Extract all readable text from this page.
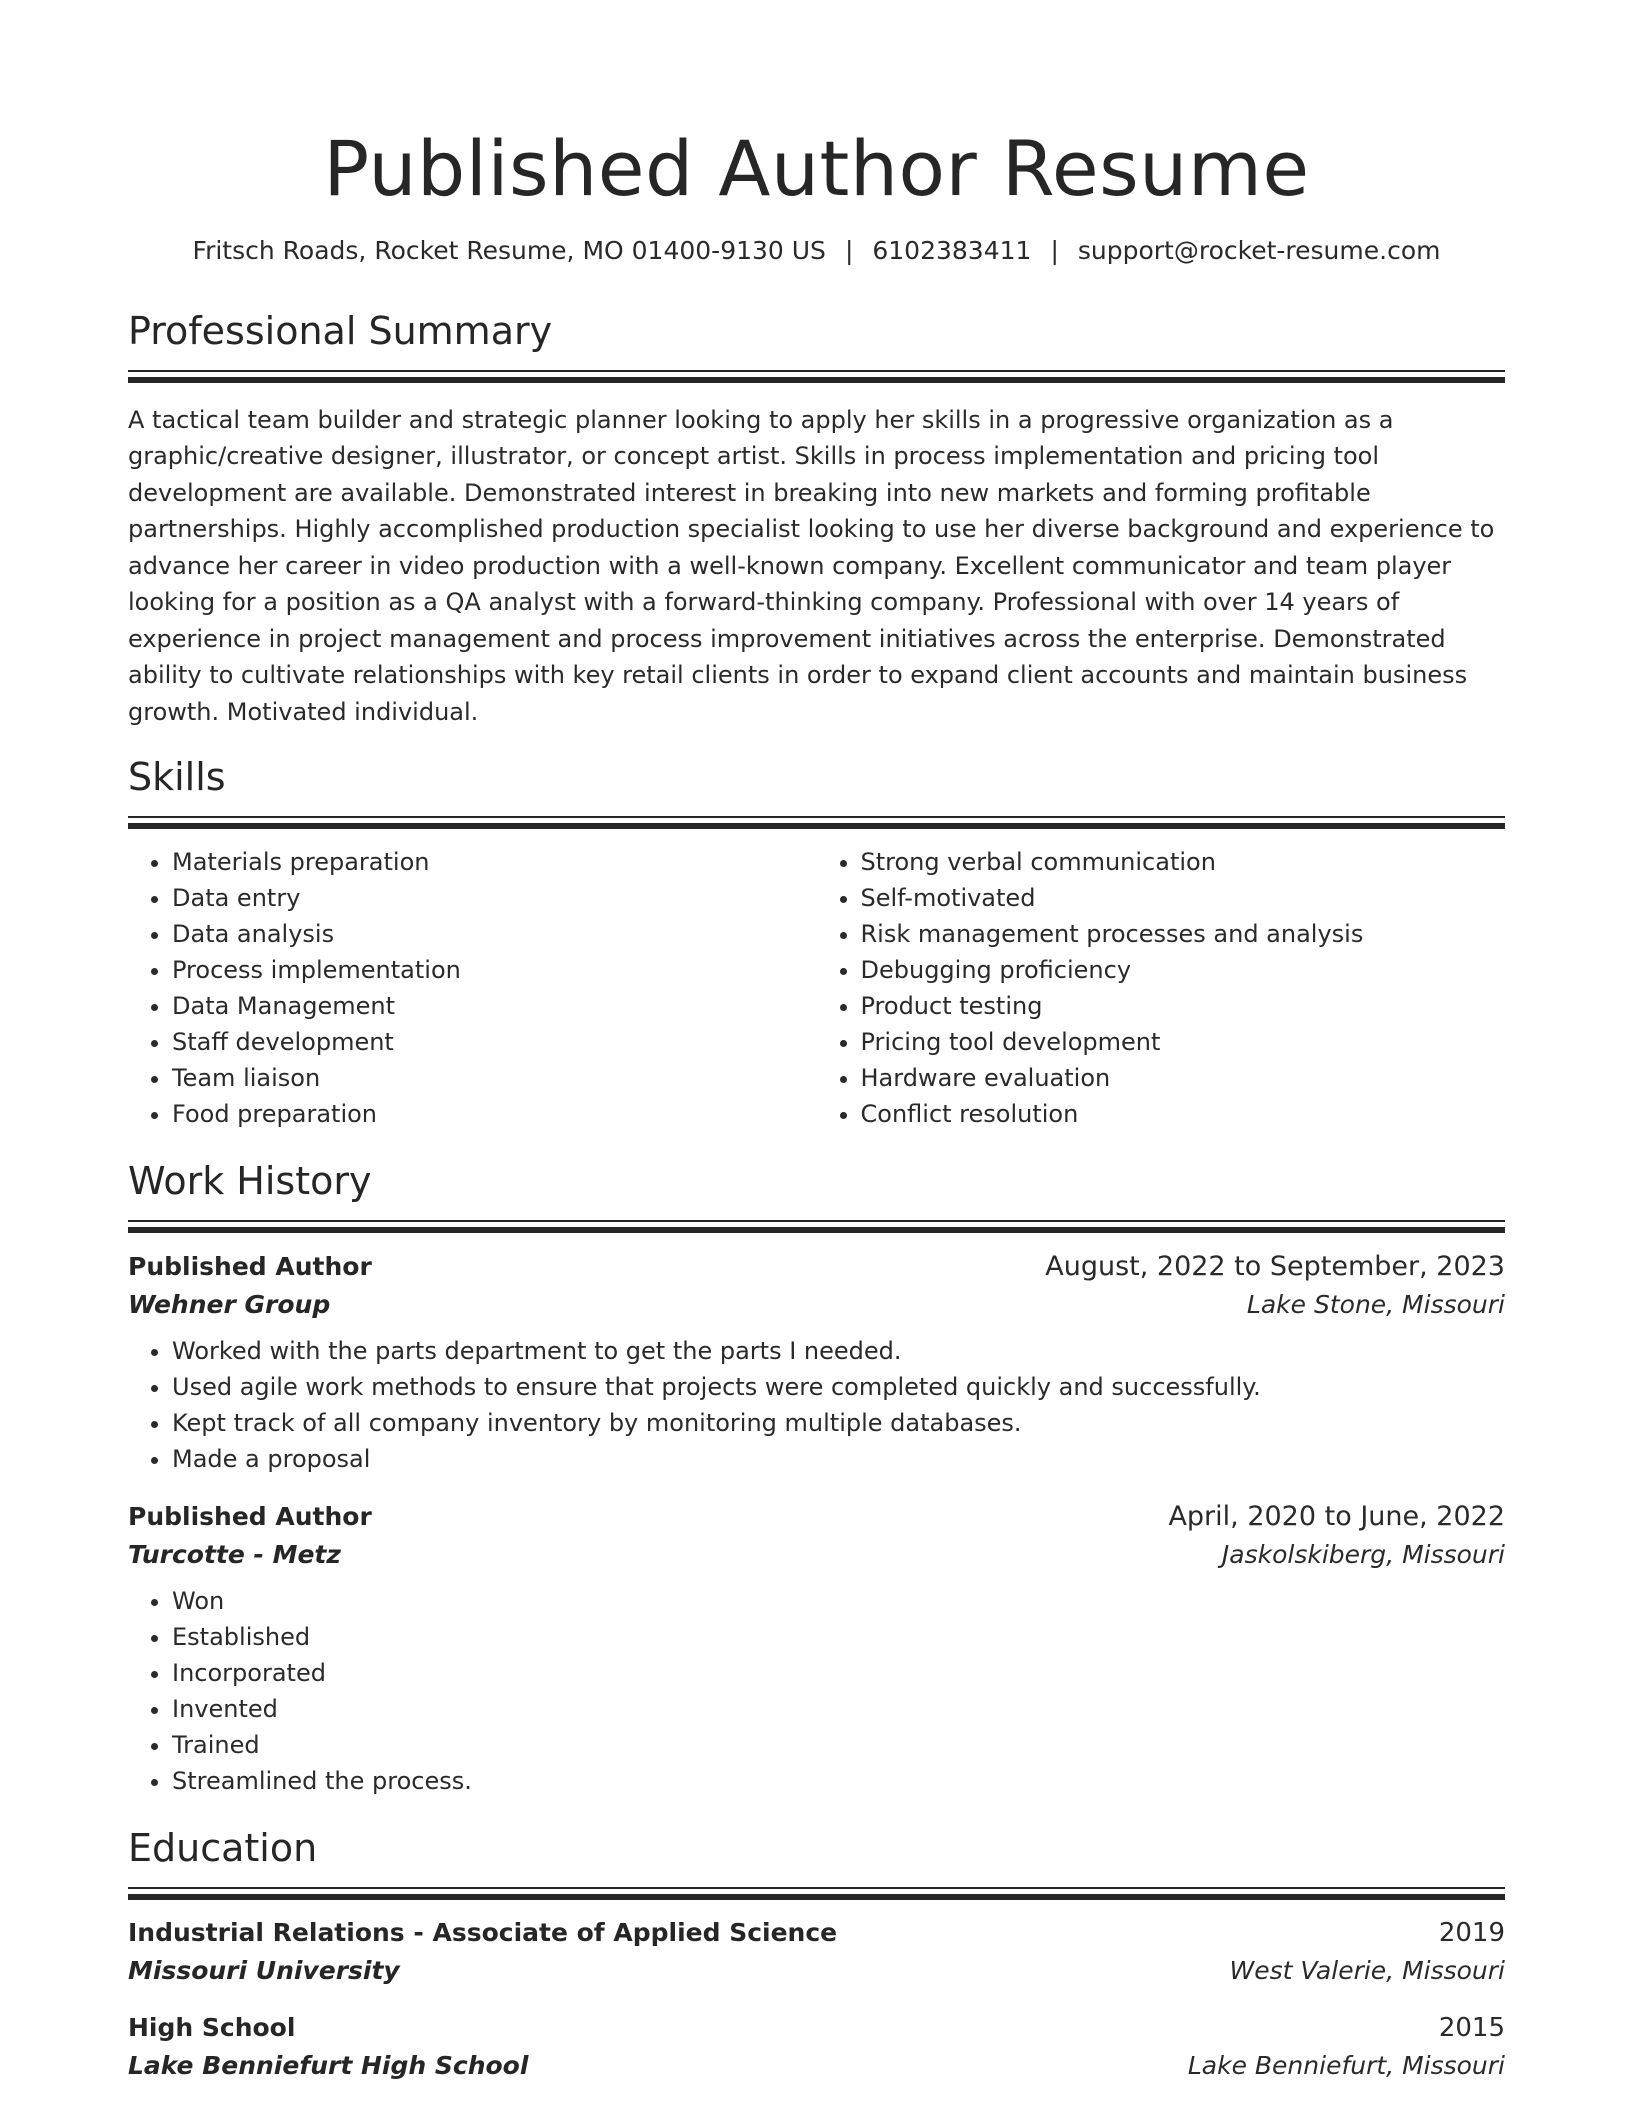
Published Author Resume
Fritsch Roads, Rocket Resume, MO 01400-9130 US | 6102383411 | support@rocket-resume.com
Professional Summary

A tactical team builder and strategic planner looking to apply her skills in a progressive organization as a graphic/creative designer, illustrator, or concept artist. Skills in process implementation and pricing tool development are available. Demonstrated interest in breaking into new markets and forming profitable partnerships. Highly accomplished production specialist looking to use her diverse background and experience to advance her career in video production with a well-known company. Excellent communicator and team player looking for a position as a QA analyst with a forward-thinking company. Professional with over 14 years of experience in project management and process improvement initiatives across the enterprise. Demonstrated ability to cultivate relationships with key retail clients in order to expand client accounts and maintain business growth. Motivated individual.

Skills
• Materials preparation
• Data entry
• Data analysis
• Process implementation
• Data Management
• Staff development
• Team liaison
• Food preparation
• Strong verbal communication
• Self-motivated
• Risk management processes and analysis
• Debugging proficiency
• Product testing
• Pricing tool development
• Hardware evaluation
• Conflict resolution
Work History
Published Author	August, 2022 to September, 2023
Wehner Group	Lake Stone, Missouri
• Worked with the parts department to get the parts I needed.
• Used agile work methods to ensure that projects were completed quickly and successfully.
• Kept track of all company inventory by monitoring multiple databases.
• Made a proposal
Published Author	April, 2020 to June, 2022
Turcotte - Metz	Jaskolskiberg, Missouri
• Won
• Established
• Incorporated
• Invented
• Trained
• Streamlined the process.
Education
Industrial Relations - Associate of Applied Science	2019
Missouri University	West Valerie, Missouri
High School	2015
Lake Benniefurt High School	Lake Benniefurt, Missouri
